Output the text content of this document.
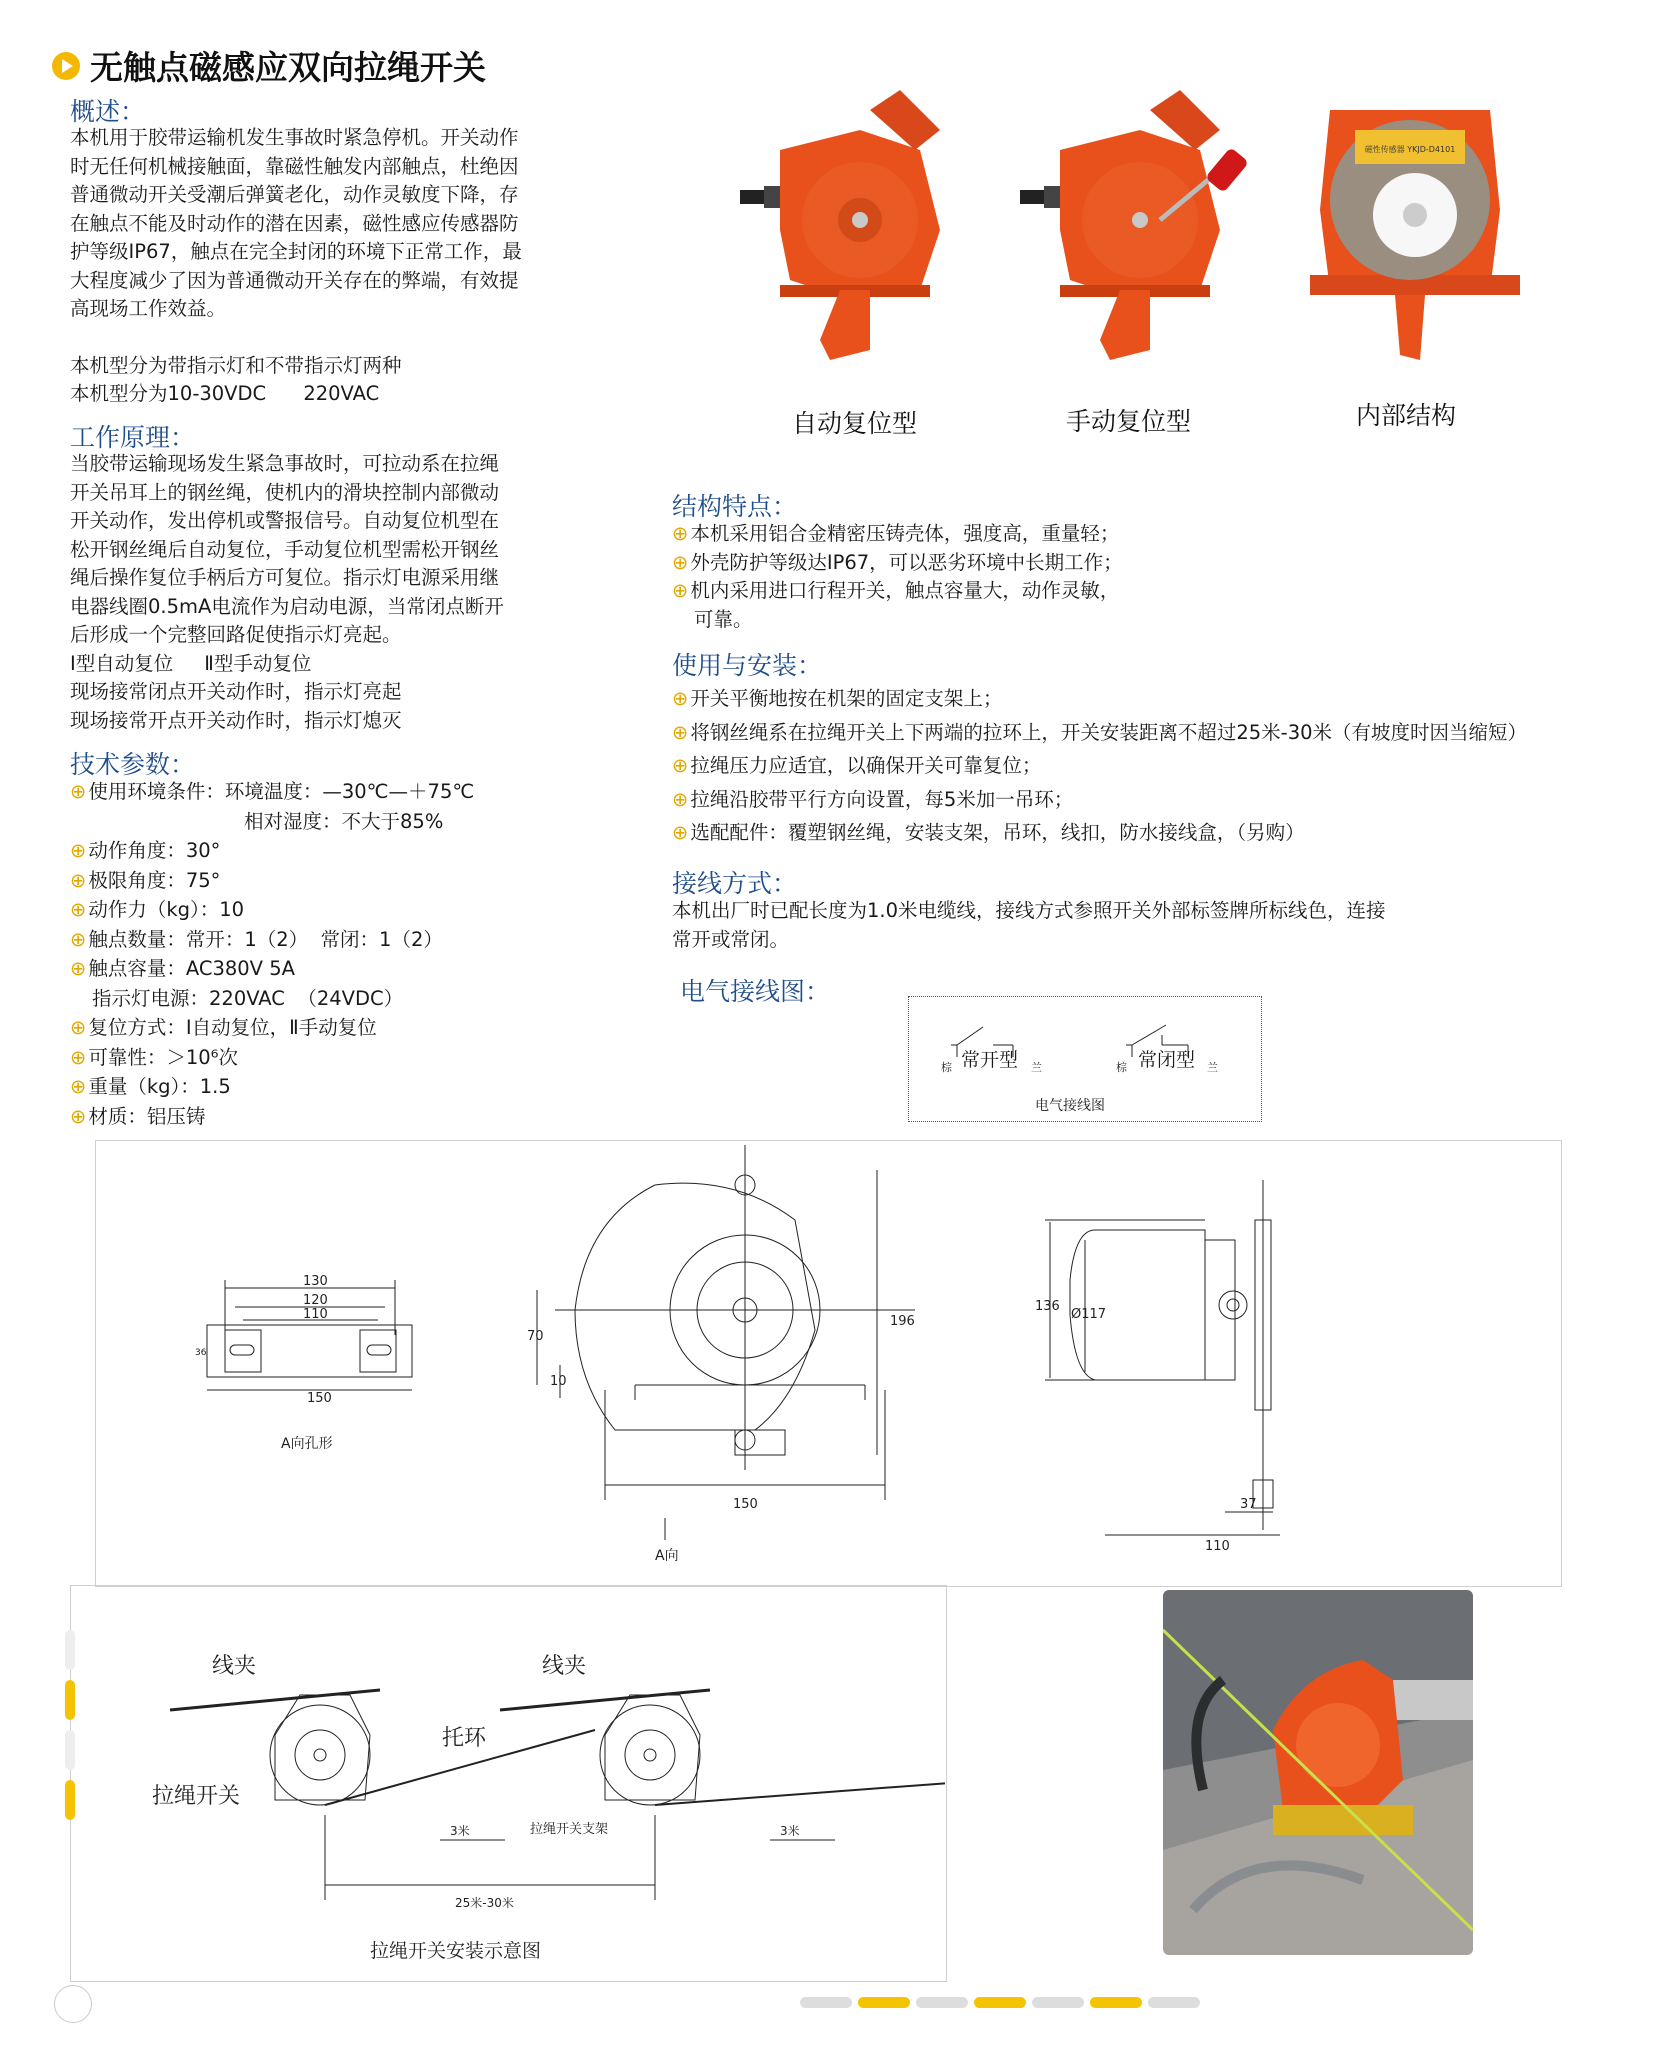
无触点磁感应双向拉绳开关
概述：
本机用于胶带运输机发生事故时紧急停机。开关动作
时无任何机械接触面，靠磁性触发内部触点，杜绝因
普通微动开关受潮后弹簧老化，动作灵敏度下降，存
在触点不能及时动作的潜在因素，磁性感应传感器防
护等级IP67，触点在完全封闭的环境下正常工作，最
大程度减少了因为普通微动开关存在的弊端，有效提
高现场工作效益。
本机型分为带指示灯和不带指示灯两种
本机型分为10-30VDC      220VAC
工作原理：
当胶带运输现场发生紧急事故时，可拉动系在拉绳
开关吊耳上的钢丝绳，使机内的滑块控制内部微动
开关动作，发出停机或警报信号。自动复位机型在
松开钢丝绳后自动复位，手动复位机型需松开钢丝
绳后操作复位手柄后方可复位。指示灯电源采用继
电器线圈0.5mA电流作为启动电源，当常闭点断开
后形成一个完整回路促使指示灯亮起。
Ⅰ型自动复位     Ⅱ型手动复位
现场接常闭点开关动作时，指示灯亮起
现场接常开点开关动作时，指示灯熄灭
技术参数：
⊕ 使用环境条件：环境温度：—30℃—＋75℃
相对湿度：不大于85%
⊕ 动作角度：30°
⊕ 极限角度：75°
⊕ 动作力（kg）：10
⊕ 触点数量：常开：1（2）  常闭：1（2）
⊕ 触点容量：AC380V 5A
指示灯电源：220VAC  （24VDC）
⊕ 复位方式：Ⅰ自动复位，Ⅱ手动复位
⊕ 可靠性：＞10⁶次
⊕ 重量（kg）：1.5
⊕ 材质：铝压铸
磁性传感器 YKJD-D4101
自动复位型	手动复位型	内部结构
结构特点：
⊕ 本机采用铝合金精密压铸壳体，强度高，重量轻；
⊕ 外壳防护等级达IP67，可以恶劣环境中长期工作；
⊕ 机内采用进口行程开关，触点容量大，动作灵敏，
可靠。
使用与安装：
⊕ 开关平衡地按在机架的固定支架上；
⊕ 将钢丝绳系在拉绳开关上下两端的拉环上，开关安装距离不超过25米-30米（有坡度时因当缩短）
⊕ 拉绳压力应适宜，以确保开关可靠复位；
⊕ 拉绳沿胶带平行方向设置，每5米加一吊环；
⊕ 选配配件：覆塑钢丝绳，安装支架，吊环，线扣，防水接线盒，（另购）
接线方式：
本机出厂时已配长度为1.0米电缆线，接线方式参照开关外部标签牌所标线色，连接
常开或常闭。
电气接线图：
棕 常开型 兰	棕 常闭型 兰
电气接线图
130
120
110
150
36
A向孔形
70
10
196
150
A向
136
Ø117
37
110
线夹	线夹
拉绳开关
托环
拉绳开关支架
3米	3米
25米-30米
拉绳开关安装示意图
